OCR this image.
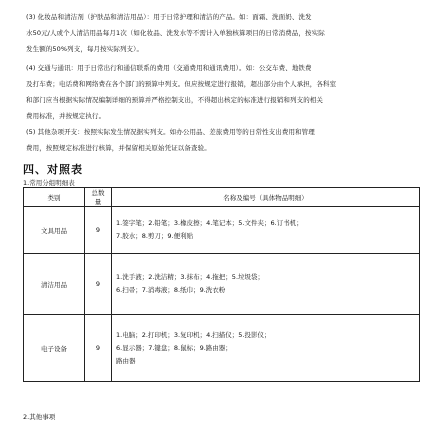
(3) 化妆品和清洁剂（护肤品和清洁用品）：用于日常护理和清洁的产品。如：面霜、洗面奶、洗发
水50元/人或个人清洁用品每月1次（如化妆品、洗发水等不需计入单独核算项目的日常消费品，按实际
发生额的50%列支，每月按实际列支）。
(4) 交通与通讯：用于日常出行和通信联系的费用（交通费用和通讯费用）。如：公交车费、地铁费
及打车费；电话费和网络费在各个部门的预算中列支。但应按规定进行报销，超出部分由个人承担，各科室
和部门应当根据实际情况编制详细的预算并严格控制支出，不得超出核定的标准进行报销和列支的相关
费用标准，并按规定执行。
(5) 其他杂项开支：按照实际发生情况据实列支。如办公用品、差旅费用等的日常性支出费用和管理
费用，按照规定标准进行核算，并保留相关原始凭证以备查验。
四、对照表
1.常用分组明细表
类别	总数量	名称及编号（具体物品明细）
文具用品	9	1.签字笔；2.铅笔；3.橡皮擦；4.笔记本；5.文件夹；6.订书机；
7.胶水；8.剪刀；9.便利贴

清洁用品	9	1.洗手液；2.洗洁精；3.抹布；4.拖把；5.垃圾袋；
6.扫帚；7.消毒液；8.纸巾；9.洗衣粉

电子设备	9	1.电脑；2.打印机；3.复印机；4.扫描仪；5.投影仪；
6.显示器；7.键盘；8.鼠标；9.路由器；
路由器
2.其他事项
